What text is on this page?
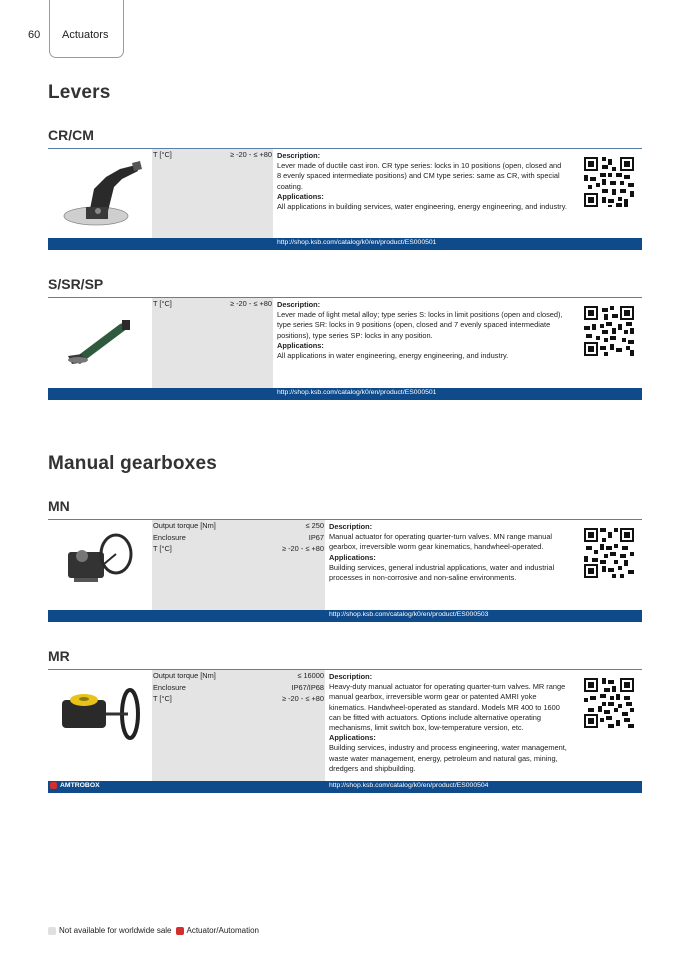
60 Actuators
Levers
CR/CM
T [°C]	≥ -20 - ≤ +80 Description:
Lever made of ductile cast iron. CR type series: locks in 10 positions (open, closed and 8 evenly spaced intermediate positions) and CM type series: same as CR, with special coating.
Applications:
All applications in building services, water engineering, energy engineering, and industry.
http://shop.ksb.com/catalog/k0/en/product/ES000501
S/SR/SP
T [°C]	≥ -20 - ≤ +80 Description:
Lever made of light metal alloy; type series S: locks in limit positions (open and closed), type series SR: locks in 9 positions (open, closed and 7 evenly spaced intermediate positions), type series SP: locks in any position.
Applications:
All applications in water engineering, energy engineering, and industry.
http://shop.ksb.com/catalog/k0/en/product/ES000501
Manual gearboxes
MN
Output torque [Nm]	≤ 250
Enclosure	IP67
T [°C]	≥ -20 - ≤ +80
Description:
Manual actuator for operating quarter-turn valves. MN range manual gearbox, irreversible worm gear kinematics, handwheel-operated.
Applications:
Building services, general industrial applications, water and industrial processes in non-corrosive and non-saline environments.
http://shop.ksb.com/catalog/k0/en/product/ES000503
MR
Output torque [Nm]	≤ 16000
Enclosure	IP67/IP68
T [°C]	≥ -20 - ≤ +80
Description:
Heavy-duty manual actuator for operating quarter-turn valves. MR range manual gearbox, irreversible worm gear or patented AMRI yoke kinematics. Handwheel-operated as standard. Models MR 400 to 1600 can be fitted with actuators. Options include alternative operating mechanisms, limit switch box, low-temperature version, etc.
Applications:
Building services, industry and process engineering, water management, waste water management, energy, petroleum and natural gas, mining, dredgers and shipbuilding.
AMTROBOX	http://shop.ksb.com/catalog/k0/en/product/ES000504
Not available for worldwide sale Actuator/Automation
